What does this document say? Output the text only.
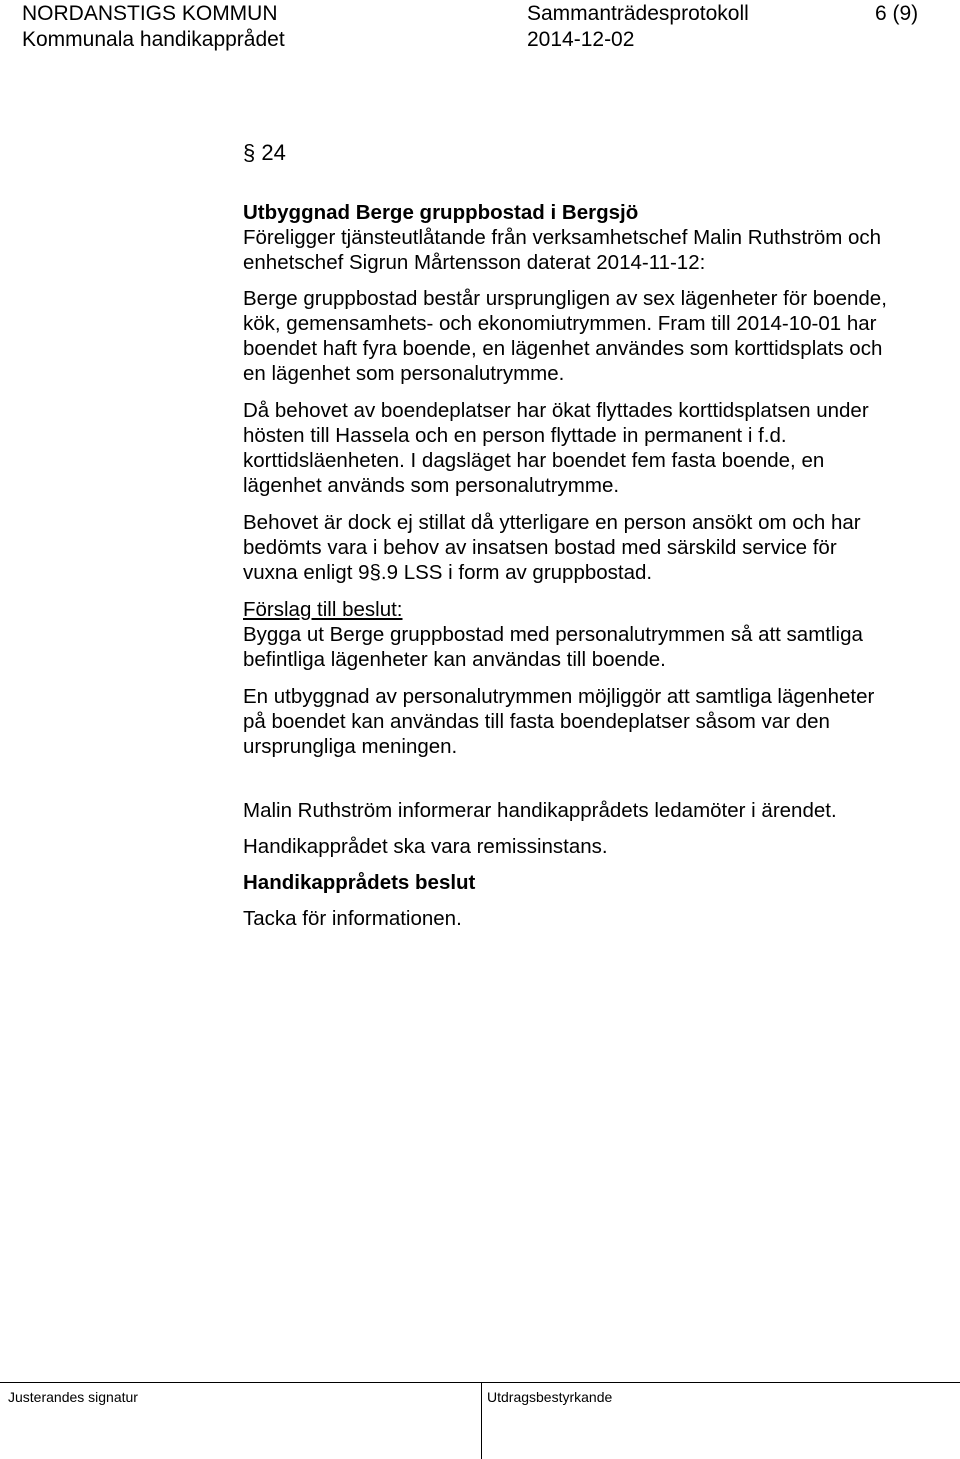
NORDANSTIGS KOMMUN	Sammanträdesprotokoll	6 (9)
Kommunala handikapprådet	2014-12-02
§ 24
Utbyggnad Berge gruppbostad i Bergsjö
Föreligger tjänsteutlåtande från verksamhetschef Malin Ruthström och
enhetschef Sigrun Mårtensson daterat 2014-11-12:
Berge gruppbostad består ursprungligen av sex lägenheter för boende,
kök, gemensamhets- och ekonomiutrymmen. Fram till 2014-10-01 har
boendet haft fyra boende, en lägenhet användes som korttidsplats och
en lägenhet som personalutrymme.
Då behovet av boendeplatser har ökat flyttades korttidsplatsen under
hösten till Hassela och en person flyttade in permanent i f.d.
korttidsläenheten. I dagsläget har boendet fem fasta boende, en
lägenhet används som personalutrymme.
Behovet är dock ej stillat då ytterligare en person ansökt om och har
bedömts vara i behov av insatsen bostad med särskild service för
vuxna enligt 9§.9 LSS i form av gruppbostad.
Förslag till beslut:
Bygga ut Berge gruppbostad med personalutrymmen så att samtliga
befintliga lägenheter kan användas till boende.
En utbyggnad av personalutrymmen möjliggör att samtliga lägenheter
på boendet kan användas till fasta boendeplatser såsom var den
ursprungliga meningen.
Malin Ruthström informerar handikapprådets ledamöter i ärendet.
Handikapprådet ska vara remissinstans.
Handikapprådets beslut
Tacka för informationen.
Justerandes signatur	Utdragsbestyrkande
